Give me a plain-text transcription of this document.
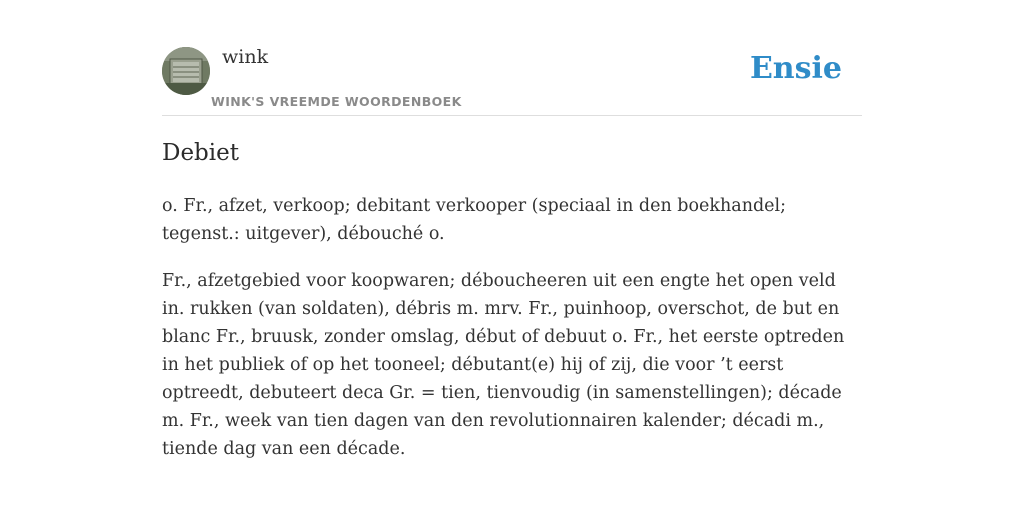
wink
WINK'S VREEMDE WOORDENBOEK
Ensie
Debiet

o. Fr., afzet, verkoop; debitant verkooper (speciaal in den boekhandel; tegenst.: uitgever), débouché o.

Fr., afzetgebied voor koopwaren; déboucheeren uit een engte het open veld in. rukken (van soldaten), débris m. mrv. Fr., puinhoop, overschot, de but en blanc Fr., bruusk, zonder omslag, début of debuut o. Fr., het eerste optreden in het publiek of op het tooneel; débutant(e) hij of zij, die voor ’t eerst optreedt, debuteert deca Gr. = tien, tienvoudig (in samenstellingen); décade m. Fr., week van tien dagen van den revolutionnairen kalender; décadi m., tiende dag van een décade.
